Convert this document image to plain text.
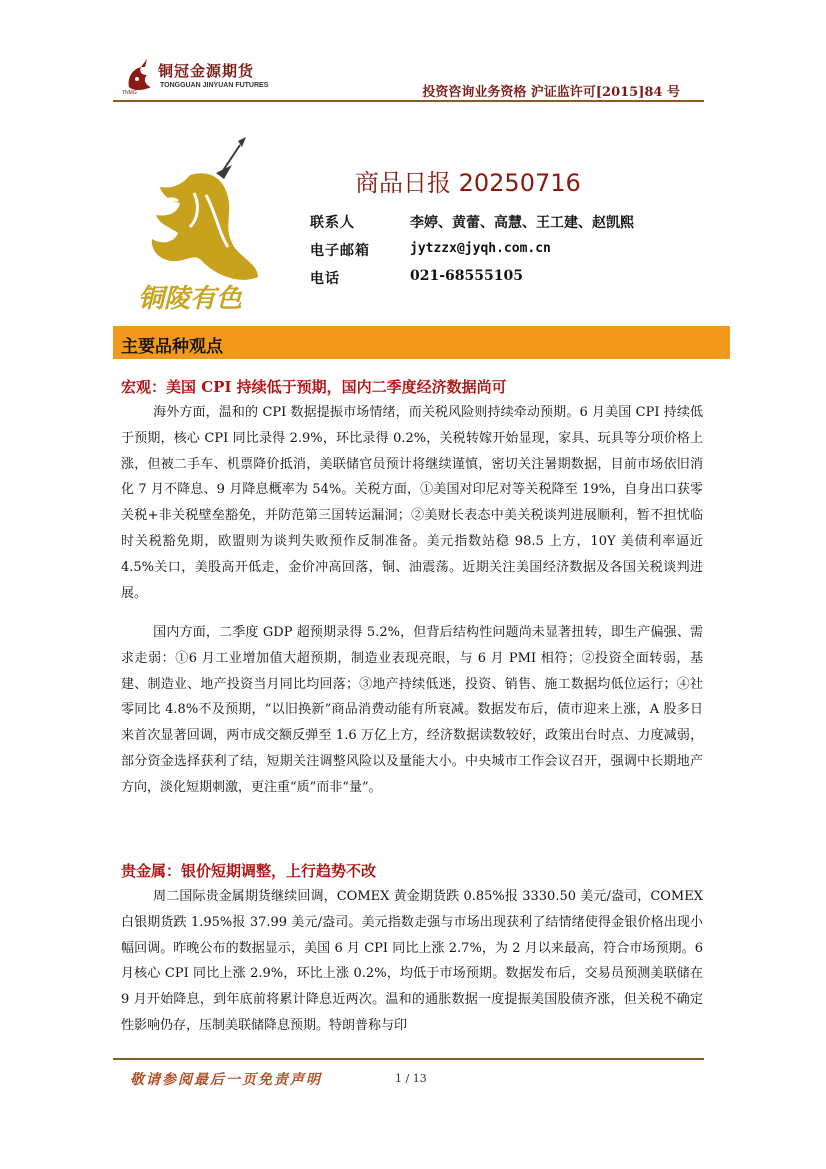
铜冠金源期货
TONGGUAN JINYUAN FUTURES
TNMG	投资咨询业务资格 沪证监许可[2015]84 号
铜陵有色
商品日报 20250716
联系人	李婷、黄蕾、高慧、王工建、赵凯熙
电子邮箱	jytzzx@jyqh.com.cn
电话	021-68555105
主要品种观点
宏观：美国 CPI 持续低于预期，国内二季度经济数据尚可

海外方面，温和的 CPI 数据提振市场情绪，而关税风险则持续牵动预期。6 月美国 CPI 持续低于预期，核心 CPI 同比录得 2.9%，环比录得 0.2%，关税转嫁开始显现，家具、玩具等分项价格上涨，但被二手车、机票降价抵消，美联储官员预计将继续谨慎，密切关注暑期数据，目前市场依旧消化 7 月不降息、9 月降息概率为 54%。关税方面，①美国对印尼对等关税降至 19%，自身出口获零关税+非关税壁垒豁免，并防范第三国转运漏洞；②美财长表态中美关税谈判进展顺利，暂不担忧临时关税豁免期，欧盟则为谈判失败预作反制准备。美元指数站稳 98.5 上方，10Y 美债利率逼近 4.5%关口，美股高开低走，金价冲高回落，铜、油震荡。近期关注美国经济数据及各国关税谈判进展。

国内方面，二季度 GDP 超预期录得 5.2%，但背后结构性问题尚未显著扭转，即生产偏强、需求走弱：①6 月工业增加值大超预期，制造业表现亮眼，与 6 月 PMI 相符；②投资全面转弱，基建、制造业、地产投资当月同比均回落；③地产持续低迷，投资、销售、施工数据均低位运行；④社零同比 4.8%不及预期，“以旧换新”商品消费动能有所衰减。数据发布后，债市迎来上涨，A 股多日来首次显著回调，两市成交额反弹至 1.6 万亿上方，经济数据读数较好，政策出台时点、力度减弱，部分资金选择获利了结，短期关注调整风险以及量能大小。中央城市工作会议召开，强调中长期地产方向，淡化短期刺激，更注重“质”而非“量”。

贵金属：银价短期调整，上行趋势不改

周二国际贵金属期货继续回调，COMEX 黄金期货跌 0.85%报 3330.50 美元/盎司，COMEX 白银期货跌 1.95%报 37.99 美元/盎司。美元指数走强与市场出现获利了结情绪使得金银价格出现小幅回调。昨晚公布的数据显示，美国 6 月 CPI 同比上涨 2.7%，为 2 月以来最高，符合市场预期。6 月核心 CPI 同比上涨 2.9%，环比上涨 0.2%，均低于市场预期。数据发布后，交易员预测美联储在 9 月开始降息，到年底前将累计降息近两次。温和的通胀数据一度提振美国股债齐涨，但关税不确定性影响仍存，压制美联储降息预期。特朗普称与印

敬请参阅最后一页免责声明	1 / 13
